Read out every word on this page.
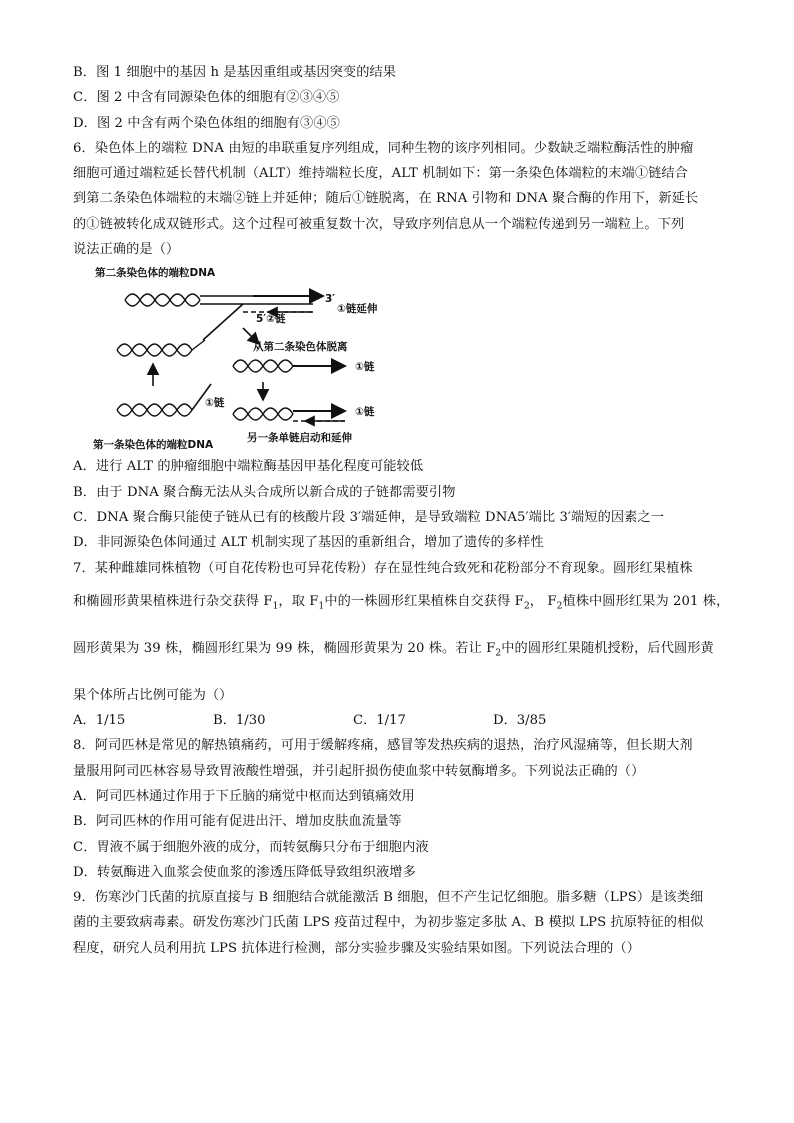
B．图 1 细胞中的基因 h 是基因重组或基因突变的结果
C．图 2 中含有同源染色体的细胞有②③④⑤
D．图 2 中含有两个染色体组的细胞有③④⑤
6．染色体上的端粒 DNA 由短的串联重复序列组成，同种生物的该序列相同。少数缺乏端粒酶活性的肿瘤
细胞可通过端粒延长替代机制（ALT）维持端粒长度，ALT 机制如下：第一条染色体端粒的末端①链结合
到第二条染色体端粒的末端②链上并延伸；随后①链脱离，在 RNA 引物和 DNA 聚合酶的作用下，新延长
的①链被转化成双链形式。这个过程可被重复数十次，导致序列信息从一个端粒传递到另一端粒上。下列
说法正确的是（）
第二条染色体的端粒DNA
3′
①链延伸
5′②链
①链
第一条染色体的端粒DNA
从第二条染色体脱离
①链
①链
另一条单链启动和延伸
A．进行 ALT 的肿瘤细胞中端粒酶基因甲基化程度可能较低
B．由于 DNA 聚合酶无法从头合成所以新合成的子链都需要引物
C．DNA 聚合酶只能使子链从已有的核酸片段 3′端延伸，是导致端粒 DNA5′端比 3′端短的因素之一
D．非同源染色体间通过 ALT 机制实现了基因的重新组合，增加了遗传的多样性
7．某种雌雄同株植物（可自花传粉也可异花传粉）存在显性纯合致死和花粉部分不育现象。圆形红果植株
和椭圆形黄果植株进行杂交获得 $F_1$，取 $F_1$中的一株圆形红果植株自交获得 $F_2$， $F_2$植株中圆形红果为 201 株，
圆形黄果为 39 株，椭圆形红果为 99 株，椭圆形黄果为 20 株。若让 $F_2$中的圆形红果随机授粉，后代圆形黄
果个体所占比例可能为（）
A．1/15	B．1/30	C．1/17	D．3/85
8．阿司匹林是常见的解热镇痛药，可用于缓解疼痛，感冒等发热疾病的退热，治疗风湿痛等，但长期大剂
量服用阿司匹林容易导致胃液酸性增强，并引起肝损伤使血浆中转氨酶增多。下列说法正确的（）
A．阿司匹林通过作用于下丘脑的痛觉中枢而达到镇痛效用
B．阿司匹林的作用可能有促进出汗、增加皮肤血流量等
C．胃液不属于细胞外液的成分，而转氨酶只分布于细胞内液
D．转氨酶进入血浆会使血浆的渗透压降低导致组织液增多
9．伤寒沙门氏菌的抗原直接与 B 细胞结合就能激活 B 细胞，但不产生记忆细胞。脂多糖（LPS）是该类细
菌的主要致病毒素。研发伤寒沙门氏菌 LPS 疫苗过程中，为初步鉴定多肽 A、B 模拟 LPS 抗原特征的相似
程度，研究人员利用抗 LPS 抗体进行检测，部分实验步骤及实验结果如图。下列说法合理的（）
